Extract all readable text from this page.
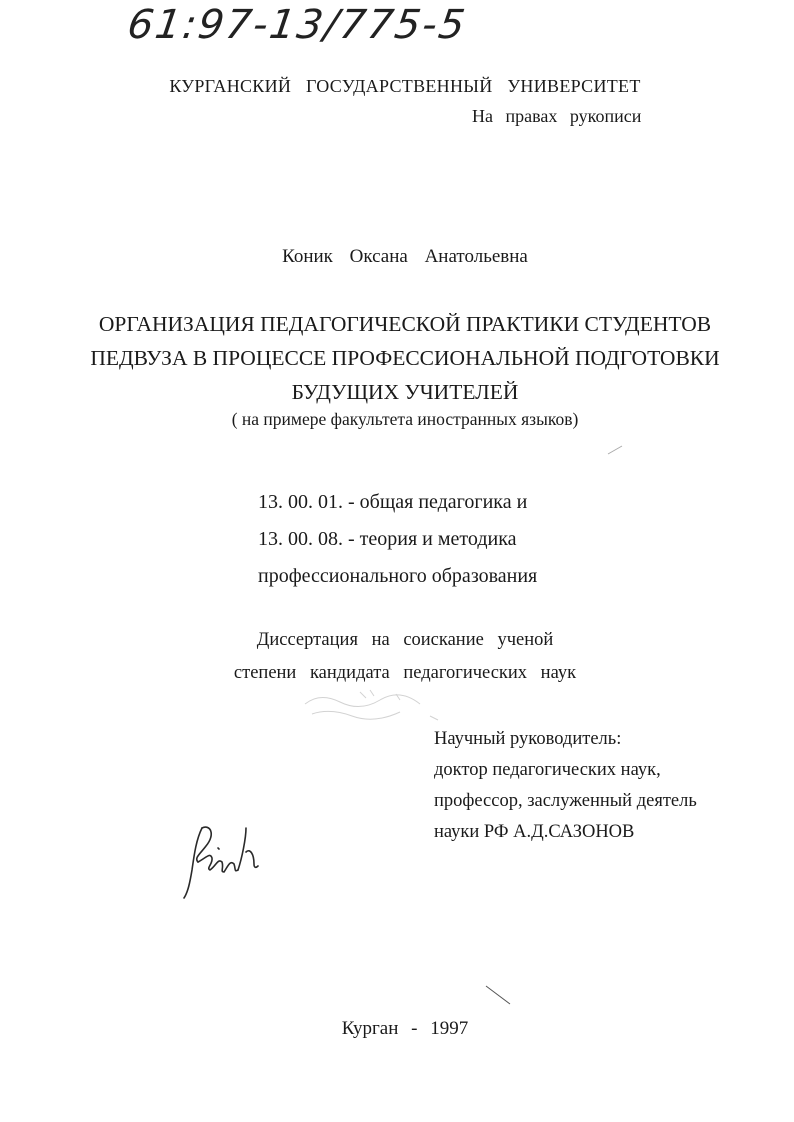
61:97-13/775-5
КУРГАНСКИЙ ГОСУДАРСТВЕННЫЙ УНИВЕРСИТЕТ
На правах рукописи
Коник Оксана Анатольевна
ОРГАНИЗАЦИЯ ПЕДАГОГИЧЕСКОЙ ПРАКТИКИ СТУДЕНТОВ
ПЕДВУЗА В ПРОЦЕССЕ ПРОФЕССИОНАЛЬНОЙ ПОДГОТОВКИ
БУДУЩИХ УЧИТЕЛЕЙ
( на примере факультета иностранных языков)
13. 00. 01. - общая педагогика и
13. 00. 08. - теория и методика
профессионального образования
Диссертация на соискание ученой
степени кандидата педагогических наук
Научный руководитель:
доктор педагогических наук,
профессор, заслуженный деятель
науки РФ А.Д.САЗОНОВ
Курган - 1997
